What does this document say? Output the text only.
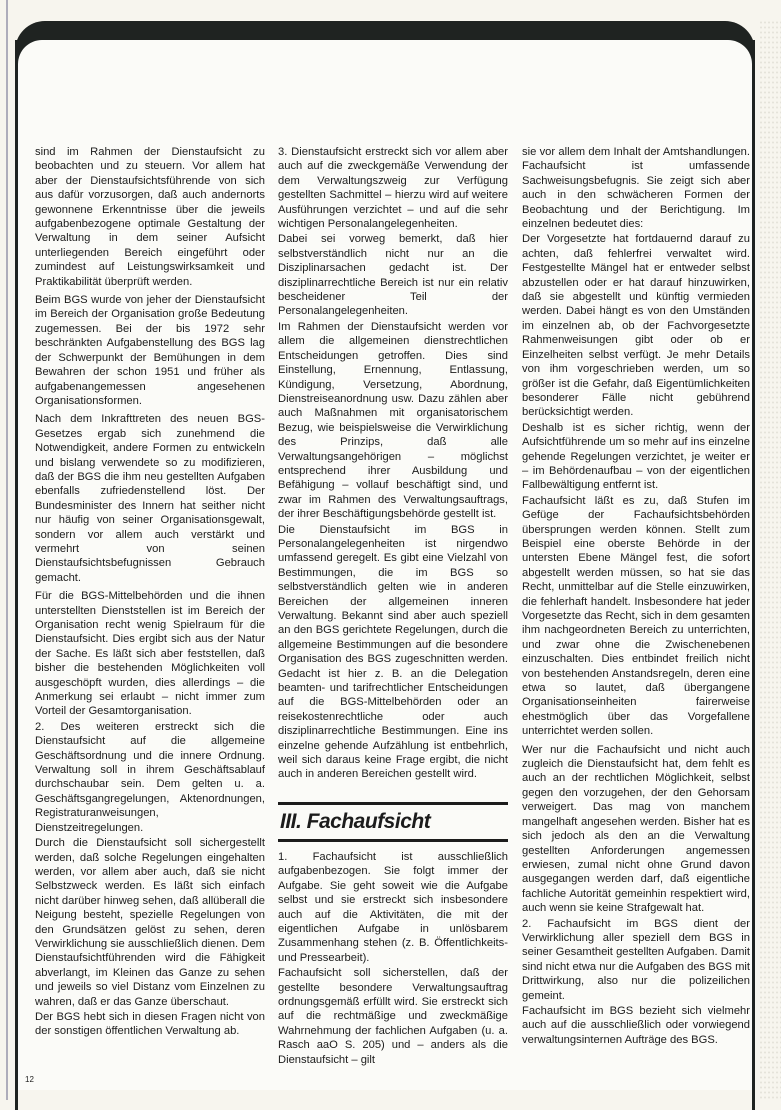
sind im Rahmen der Dienstaufsicht zu beobachten und zu steuern. Vor allem hat aber der Dienstaufsichtsführende von sich aus dafür vorzusorgen, daß auch andernorts gewonnene Erkenntnisse über die jeweils aufgabenbezogene optimale Gestaltung der Verwaltung in dem seiner Aufsicht unterliegenden Bereich eingeführt oder zumindest auf Leistungswirksamkeit und Praktikabilität überprüft werden.

Beim BGS wurde von jeher der Dienstaufsicht im Bereich der Organisation große Bedeutung zugemessen. Bei der bis 1972 sehr beschränkten Aufgabenstellung des BGS lag der Schwerpunkt der Bemühungen in dem Bewahren der schon 1951 und früher als aufgabenangemessen angesehenen Organisationsformen.

Nach dem Inkrafttreten des neuen BGS-Gesetzes ergab sich zunehmend die Notwendigkeit, andere Formen zu entwickeln und bislang verwendete so zu modifizieren, daß der BGS die ihm neu gestellten Aufgaben ebenfalls zufriedenstellend löst. Der Bundesminister des Innern hat seither nicht nur häufig von seiner Organisationsgewalt, sondern vor allem auch verstärkt und vermehrt von seinen Dienstaufsichtsbefugnissen Gebrauch gemacht.

Für die BGS-Mittelbehörden und die ihnen unterstellten Dienststellen ist im Bereich der Organisation recht wenig Spielraum für die Dienstaufsicht. Dies ergibt sich aus der Natur der Sache. Es läßt sich aber feststellen, daß bisher die bestehenden Möglichkeiten voll ausgeschöpft wurden, dies allerdings – die Anmerkung sei erlaubt – nicht immer zum Vorteil der Gesamtorganisation.

2. Des weiteren erstreckt sich die Dienstaufsicht auf die allgemeine Geschäftsordnung und die innere Ordnung. Verwaltung soll in ihrem Geschäftsablauf durchschaubar sein. Dem gelten u. a. Geschäftsgangregelungen, Aktenordnungen, Registraturanweisungen, Dienstzeitregelungen.

Durch die Dienstaufsicht soll sichergestellt werden, daß solche Regelungen eingehalten werden, vor allem aber auch, daß sie nicht Selbstzweck werden. Es läßt sich einfach nicht darüber hinweg sehen, daß allüberall die Neigung besteht, spezielle Regelungen von den Grundsätzen gelöst zu sehen, deren Verwirklichung sie ausschließlich dienen. Dem Dienstaufsichtführenden wird die Fähigkeit abverlangt, im Kleinen das Ganze zu sehen und jeweils so viel Distanz vom Einzelnen zu wahren, daß er das Ganze überschaut.

Der BGS hebt sich in diesen Fragen nicht von der sonstigen öffentlichen Verwaltung ab.

3. Dienstaufsicht erstreckt sich vor allem aber auch auf die zweckgemäße Verwendung der dem Verwaltungszweig zur Verfügung gestellten Sachmittel – hierzu wird auf weitere Ausführungen verzichtet – und auf die sehr wichtigen Personalangelegenheiten.

Dabei sei vorweg bemerkt, daß hier selbstverständlich nicht nur an die Disziplinarsachen gedacht ist. Der disziplinarrechtliche Bereich ist nur ein relativ bescheidener Teil der Personalangelegenheiten.

Im Rahmen der Dienstaufsicht werden vor allem die allgemeinen dienstrechtlichen Entscheidungen getroffen. Dies sind Einstellung, Ernennung, Entlassung, Kündigung, Versetzung, Abordnung, Dienstreiseanordnung usw. Dazu zählen aber auch Maßnahmen mit organisatorischem Bezug, wie beispielsweise die Verwirklichung des Prinzips, daß alle Verwaltungsangehörigen – möglichst entsprechend ihrer Ausbildung und Befähigung – vollauf beschäftigt sind, und zwar im Rahmen des Verwaltungsauftrags, der ihrer Beschäftigungsbehörde gestellt ist.

Die Dienstaufsicht im BGS in Personalangelegenheiten ist nirgendwo umfassend geregelt. Es gibt eine Vielzahl von Bestimmungen, die im BGS so selbstverständlich gelten wie in anderen Bereichen der allgemeinen inneren Verwaltung. Bekannt sind aber auch speziell an den BGS gerichtete Regelungen, durch die allgemeine Bestimmungen auf die besondere Organisation des BGS zugeschnitten werden. Gedacht ist hier z. B. an die Delegation beamten- und tarifrechtlicher Entscheidungen auf die BGS-Mittelbehörden oder an reisekostenrechtliche oder auch disziplinarrechtliche Bestimmungen. Eine ins einzelne gehende Aufzählung ist entbehrlich, weil sich daraus keine Frage ergibt, die nicht auch in anderen Bereichen gestellt wird.

III. Fachaufsicht

1. Fachaufsicht ist ausschließlich aufgabenbezogen. Sie folgt immer der Aufgabe. Sie geht soweit wie die Aufgabe selbst und sie erstreckt sich insbesondere auch auf die Aktivitäten, die mit der eigentlichen Aufgabe in unlösbarem Zusammenhang stehen (z. B. Öffentlichkeits- und Pressearbeit).

Fachaufsicht soll sicherstellen, daß der gestellte besondere Verwaltungsauftrag ordnungsgemäß erfüllt wird. Sie erstreckt sich auf die rechtmäßige und zweckmäßige Wahrnehmung der fachlichen Aufgaben (u. a. Rasch aaO S. 205) und – anders als die Dienstaufsicht – gilt

sie vor allem dem Inhalt der Amtshandlungen. Fachaufsicht ist umfassende Sachweisungsbefugnis. Sie zeigt sich aber auch in den schwächeren Formen der Beobachtung und der Berichtigung. Im einzelnen bedeutet dies:

Der Vorgesetzte hat fortdauernd darauf zu achten, daß fehlerfrei verwaltet wird. Festgestellte Mängel hat er entweder selbst abzustellen oder er hat darauf hinzuwirken, daß sie abgestellt und künftig vermieden werden. Dabei hängt es von den Umständen im einzelnen ab, ob der Fachvorgesetzte Rahmenweisungen gibt oder ob er Einzelheiten selbst verfügt. Je mehr Details von ihm vorgeschrieben werden, um so größer ist die Gefahr, daß Eigentümlichkeiten besonderer Fälle nicht gebührend berücksichtigt werden.

Deshalb ist es sicher richtig, wenn der Aufsichtführende um so mehr auf ins einzelne gehende Regelungen verzichtet, je weiter er – im Behördenaufbau – von der eigentlichen Fallbewältigung entfernt ist.

Fachaufsicht läßt es zu, daß Stufen im Gefüge der Fachaufsichtsbehörden übersprungen werden können. Stellt zum Beispiel eine oberste Behörde in der untersten Ebene Mängel fest, die sofort abgestellt werden müssen, so hat sie das Recht, unmittelbar auf die Stelle einzuwirken, die fehlerhaft handelt. Insbesondere hat jeder Vorgesetzte das Recht, sich in dem gesamten ihm nachgeordneten Bereich zu unterrichten, und zwar ohne die Zwischenebenen einzuschalten. Dies entbindet freilich nicht von bestehenden Anstandsregeln, deren eine etwa so lautet, daß übergangene Organisationseinheiten fairerweise ehestmöglich über das Vorgefallene unterrichtet werden sollen.

Wer nur die Fachaufsicht und nicht auch zugleich die Dienstaufsicht hat, dem fehlt es auch an der rechtlichen Möglichkeit, selbst gegen den vorzugehen, der den Gehorsam verweigert. Das mag von manchem mangelhaft angesehen werden. Bisher hat es sich jedoch als den an die Verwaltung gestellten Anforderungen angemessen erwiesen, zumal nicht ohne Grund davon ausgegangen werden darf, daß eigentliche fachliche Autorität gemeinhin respektiert wird, auch wenn sie keine Strafgewalt hat.

2. Fachaufsicht im BGS dient der Verwirklichung aller speziell dem BGS in seiner Gesamtheit gestellten Aufgaben. Damit sind nicht etwa nur die Aufgaben des BGS mit Drittwirkung, also nur die polizeilichen gemeint.

Fachaufsicht im BGS bezieht sich vielmehr auch auf die ausschließlich oder vorwiegend verwaltungsinternen Aufträge des BGS.

12
